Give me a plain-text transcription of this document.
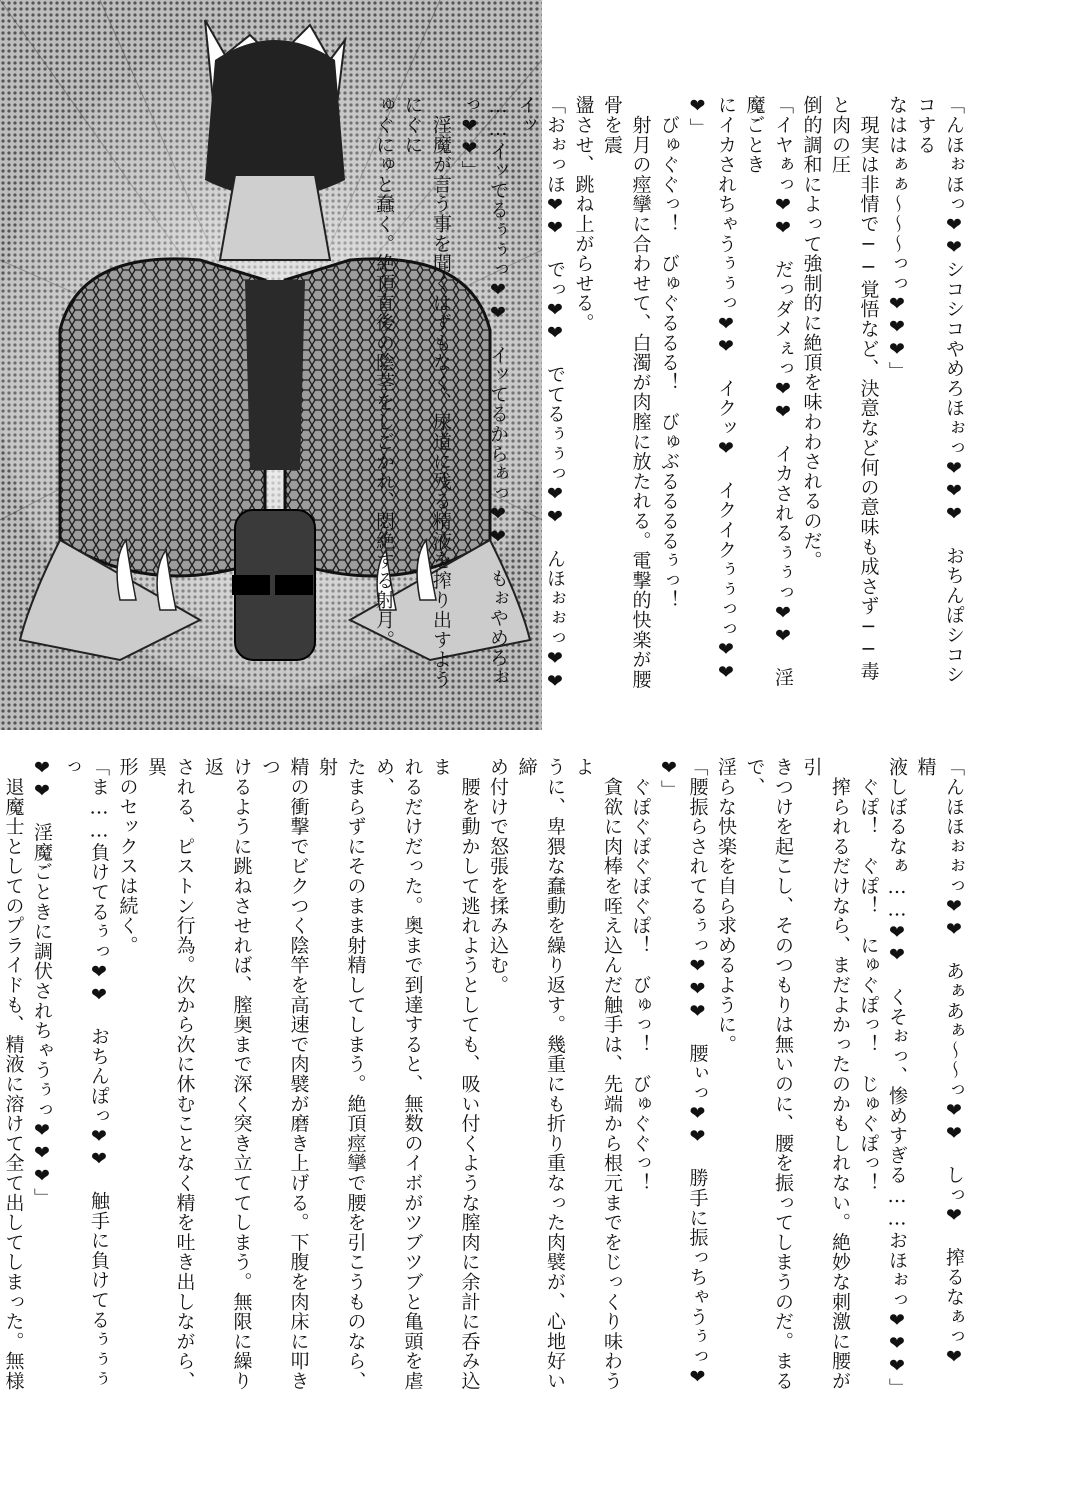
「んほぉほっ❤❤シコシコやめろほぉっ❤❤❤　おちんぽシコシコする

なははぁぁ〜〜〜っっ❤❤❤」

　現実は非情で──覚悟など、決意など何の意味も成さず──毒と肉の圧

倒的調和によって強制的に絶頂を味わわされるのだ。

「イヤぁっ❤❤　だっダメぇっ❤❤　イカされるぅぅっ❤❤　淫魔ごとき

にイカされちゃうぅぅっ❤❤　イクッ❤　イクイクぅぅっっ❤❤❤」

　びゅぐぐっ！　びゅぐるるる！　びゅぶるるるるぅっ！

　射月の痙攣に合わせて、白濁が肉膣に放たれる。電撃的快楽が腰骨を震

盪させ、跳ね上がらせる。

「おぉっほ❤❤　でっ❤❤　でてるぅぅっ❤❤　んほぉぉっ❤❤　イッ

……イッでるぅぅっ❤❤　イッてるからぁっ❤❤　もぉやめろぉっ❤❤」

　淫魔が言う事を聞くはずもなく、尿道に残る精液を搾り出すようにぐに

ゅぐにゅと蠢く。絶頂直後の陰茎をしごかれ、悶絶する射月。

「んほほぉぉっ❤❤　あぁあぁ〜〜っ❤❤　しっ❤　搾るなぁっ❤　精

液しぼるなぁ……❤❤　くそぉっ、惨めすぎる……おほぉっ❤❤❤」

　ぐぽ！　ぐぽ！　にゅぐぽっ！　じゅぐぽっ！

　搾られるだけなら、まだよかったのかもしれない。絶妙な刺激に腰が引

きつけを起こし、そのつもりは無いのに、腰を振ってしまうのだ。まるで、

淫らな快楽を自ら求めるように。

「腰振らされてるぅっ❤❤❤　腰ぃっ❤❤　勝手に振っちゃうぅっ❤❤」

　ぐぽぐぽぐぽぐぽ！　びゅっ！　びゅぐぐっ！

　貪欲に肉棒を咥え込んだ触手は、先端から根元までをじっくり味わうよ

うに、卑猥な蠢動を繰り返す。幾重にも折り重なった肉襞が、心地好い締

め付けで怒張を揉み込む。

　腰を動かして逃れようとしても、吸い付くような膣肉に余計に呑み込ま

れるだけだった。奥まで到達すると、無数のイボがツブツブと亀頭を虐め、

たまらずにそのまま射精してしまう。絶頂痙攣で腰を引こうものなら、射

精の衝撃でビクつく陰竿を高速で肉襞が磨き上げる。下腹を肉床に叩きつ

けるように跳ねさせれば、膣奥まで深く突き立ててしまう。無限に繰り返

される、ピストン行為。次から次に休むことなく精を吐き出しながら、異

形のセックスは続く。

「ま……負けてるぅっ❤❤　おちんぽっ❤❤　触手に負けてるぅぅぅっ

❤❤　淫魔ごときに調伏されちゃうぅっ❤❤❤」

　退魔士としてのプライドも、精液に溶けて全て出してしまった。無様
